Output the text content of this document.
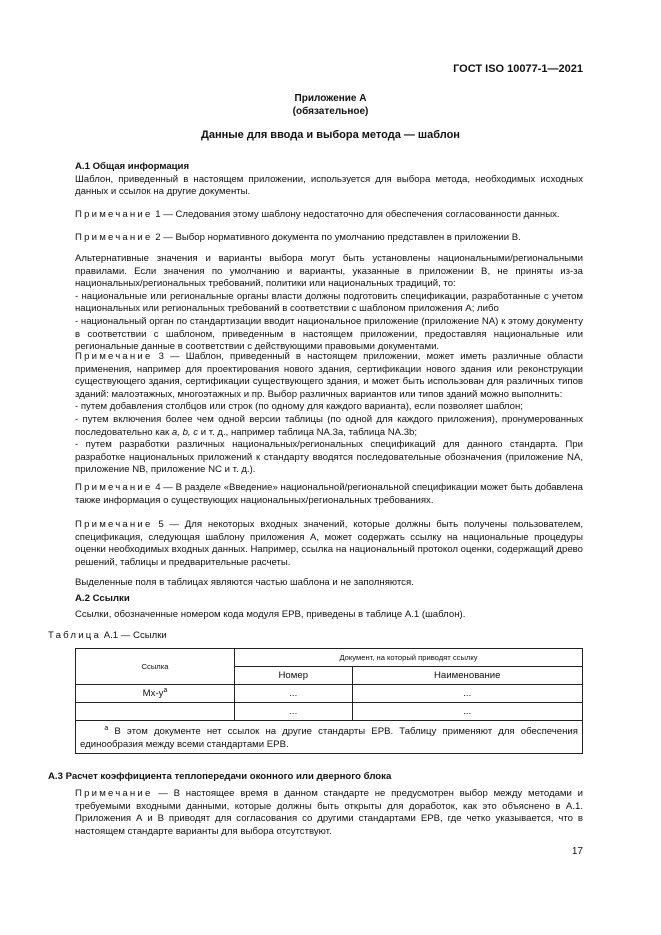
ГОСТ ISO 10077-1—2021
Приложение А
(обязательное)
Данные для ввода и выбора метода — шаблон

А.1 Общая информация

Шаблон, приведенный в настоящем приложении, используется для выбора метода, необходимых исходных данных и ссылок на другие документы.

Примечание 1 — Следования этому шаблону недостаточно для обеспечения согласованности данных.

Примечание 2 — Выбор нормативного документа по умолчанию представлен в приложении В.

Альтернативные значения и варианты выбора могут быть установлены национальными/региональными правилами. Если значения по умолчанию и варианты, указанные в приложении В, не приняты из-за национальных/региональных требований, политики или национальных традиций, то:

- национальные или региональные органы власти должны подготовить спецификации, разработанные с учетом национальных или региональных требований в соответствии с шаблоном приложения А; либо

- национальный орган по стандартизации вводит национальное приложение (приложение NA) к этому документу в соответствии с шаблоном, приведенным в настоящем приложении, предоставляя национальные или региональные данные в соответствии с действующими правовыми документами.

Примечание 3 — Шаблон, приведенный в настоящем приложении, может иметь различные области применения, например для проектирования нового здания, сертификации нового здания или реконструкции существующего здания, сертификации существующего здания, и может быть использован для различных типов зданий: малоэтажных, многоэтажных и пр. Выбор различных вариантов или типов зданий можно выполнить:

- путем добавления столбцов или строк (по одному для каждого варианта), если позволяет шаблон;

- путем включения более чем одной версии таблицы (по одной для каждого приложения), пронумерованных последовательно как a, b, c и т. д., например таблица NA.3a, таблица NA.3b;

- путем разработки различных национальных/региональных спецификаций для данного стандарта. При разработке национальных приложений к стандарту вводятся последовательные обозначения (приложение NA, приложение NB, приложение NC и т. д.).

Примечание 4 — В разделе «Введение» национальной/региональной спецификации может быть добавлена также информация о существующих национальных/региональных требованиях.

Примечание 5 — Для некоторых входных значений, которые должны быть получены пользователем, спецификация, следующая шаблону приложения А, может содержать ссылку на национальные процедуры оценки необходимых входных данных. Например, ссылка на национальный протокол оценки, содержащий древо решений, таблицы и предварительные расчеты.

Выделенные поля в таблицах являются частью шаблона и не заполняются.

А.2 Ссылки

Ссылки, обозначенные номером кода модуля ЕРВ, приведены в таблице А.1 (шаблон).

Таблица А.1 — Ссылки
Ссылка	Документ, на который приводят ссылку	
	Номер	Наименование
$Mx-y^a$	...	...
	...	...
$^a$ В этом документе нет ссылок на другие стандарты ЕРВ. Таблицу применяют для обеспечения единообразия между всеми стандартами ЕРВ.		

А.3 Расчет коэффициента теплопередачи оконного или дверного блока

Примечание — В настоящее время в данном стандарте не предусмотрен выбор между методами и требуемыми входными данными, которые должны быть открыты для доработок, как это объяснено в А.1. Приложения А и В приводят для согласования со другими стандартами ЕРВ, где четко указывается, что в настоящем стандарте варианты для выбора отсутствуют.

17
